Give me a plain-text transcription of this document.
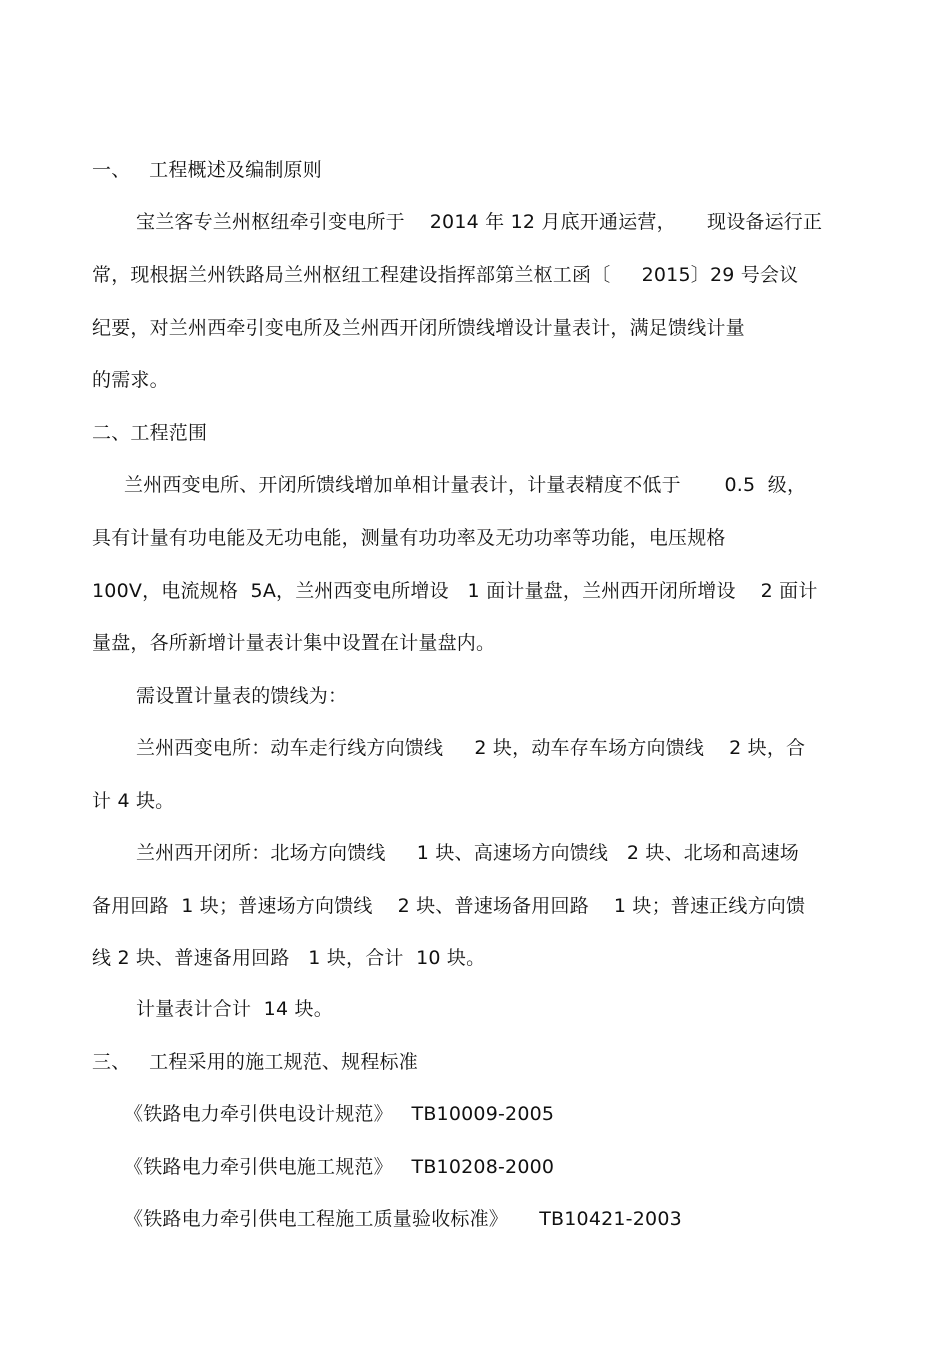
一、   工程概述及编制原则
宝兰客专兰州枢纽牵引变电所于    2014 年 12 月底开通运营，     现设备运行正
常，现根据兰州铁路局兰州枢纽工程建设指挥部第兰枢工函〔     2015〕29 号会议
纪要，对兰州西牵引变电所及兰州西开闭所馈线增设计量表计，满足馈线计量
的需求。
二、工程范围
兰州西变电所、开闭所馈线增加单相计量表计，计量表精度不低于       0.5  级，
具有计量有功电能及无功电能，测量有功功率及无功功率等功能，电压规格
100V，电流规格  5A，兰州西变电所增设   1 面计量盘，兰州西开闭所增设    2 面计
量盘，各所新增计量表计集中设置在计量盘内。
需设置计量表的馈线为：
兰州西变电所：动车走行线方向馈线     2 块，动车存车场方向馈线    2 块，合
计 4 块。
兰州西开闭所：北场方向馈线     1 块、高速场方向馈线   2 块、北场和高速场
备用回路  1 块；普速场方向馈线    2 块、普速场备用回路    1 块；普速正线方向馈
线 2 块、普速备用回路   1 块，合计  10 块。
计量表计合计  14 块。
三、   工程采用的施工规范、规程标准
《铁路电力牵引供电设计规范》   TB10009-2005
《铁路电力牵引供电施工规范》   TB10208-2000
《铁路电力牵引供电工程施工质量验收标准》     TB10421-2003
